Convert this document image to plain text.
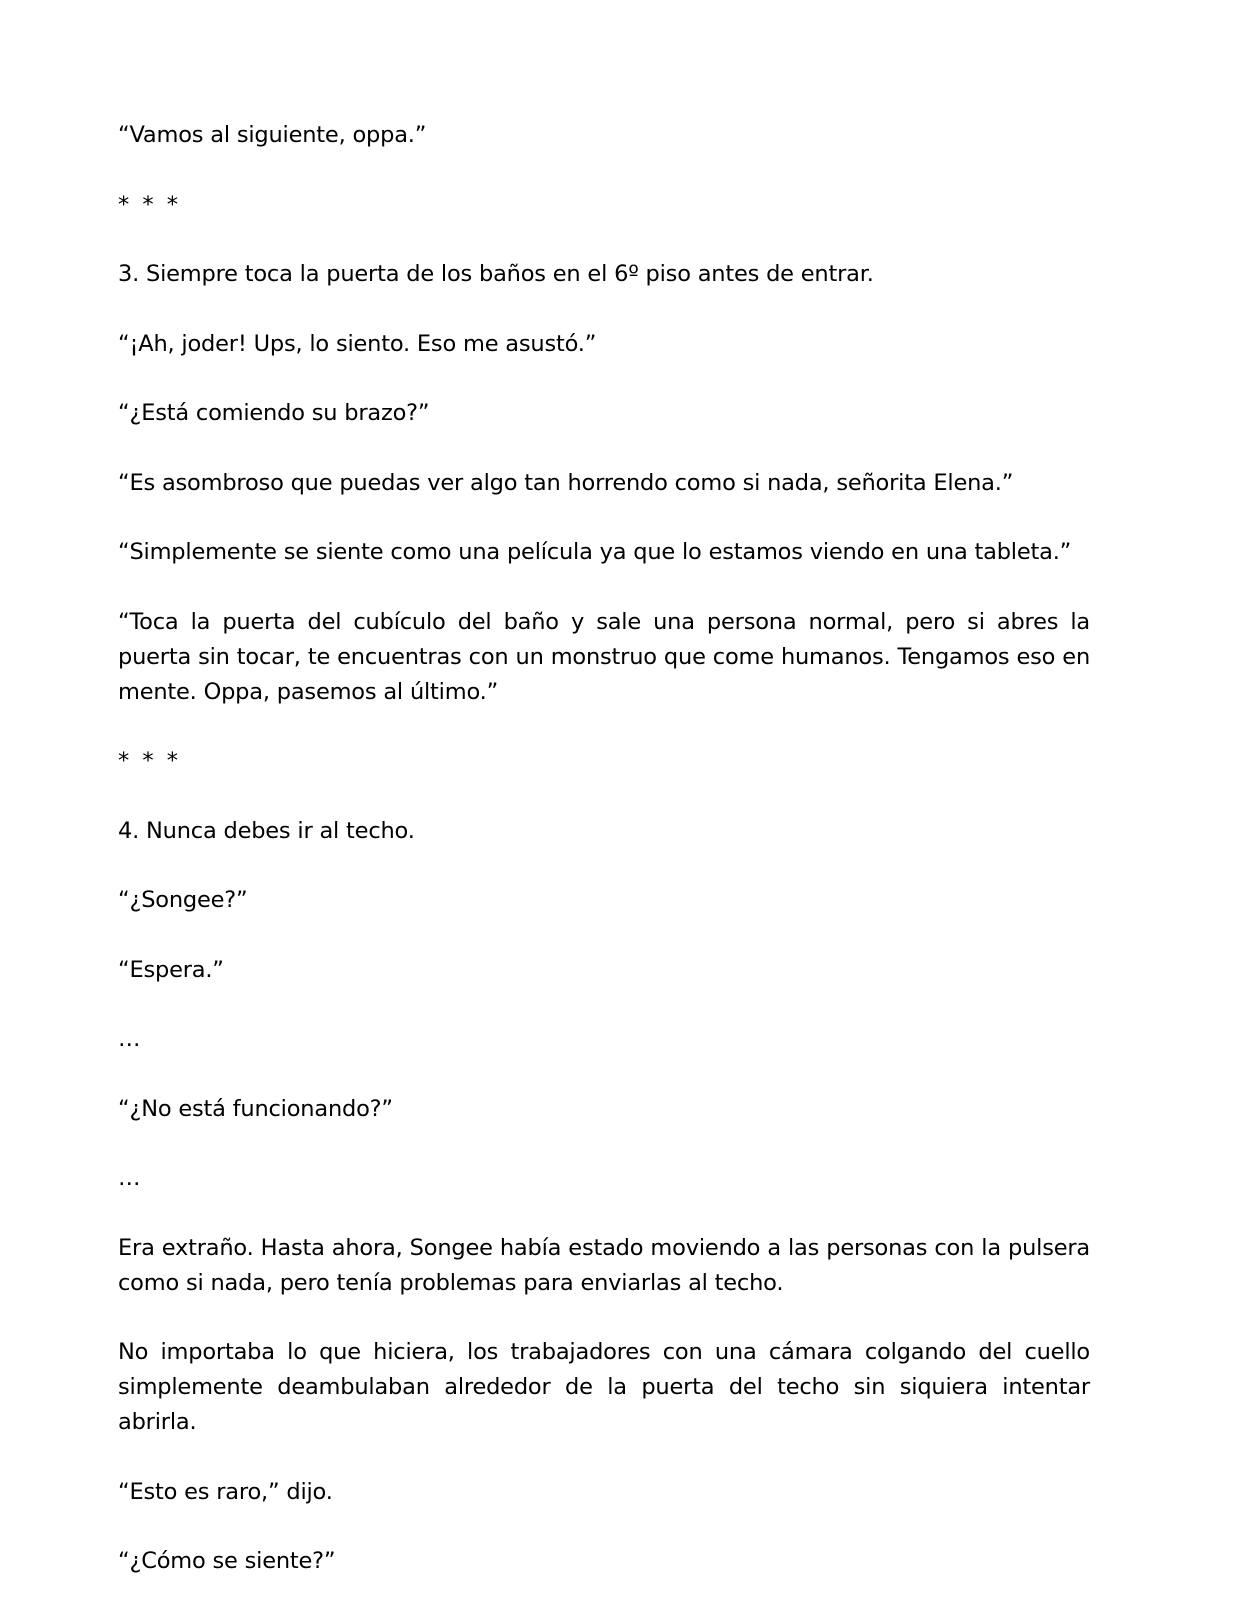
“Vamos al siguiente, oppa.”

* * *

3. Siempre toca la puerta de los baños en el 6º piso antes de entrar.

“¡Ah, joder! Ups, lo siento. Eso me asustó.”

“¿Está comiendo su brazo?”

“Es asombroso que puedas ver algo tan horrendo como si nada, señorita Elena.”

“Simplemente se siente como una película ya que lo estamos viendo en una tableta.”

“Toca la puerta del cubículo del baño y sale una persona normal, pero si abres la puerta sin tocar, te encuentras con un monstruo que come humanos. Tengamos eso en mente. Oppa, pasemos al último.”

* * *

4. Nunca debes ir al techo.

“¿Songee?”

“Espera.”

…

“¿No está funcionando?”

…

Era extraño. Hasta ahora, Songee había estado moviendo a las personas con la pulsera como si nada, pero tenía problemas para enviarlas al techo.

No importaba lo que hiciera, los trabajadores con una cámara colgando del cuello simplemente deambulaban alrededor de la puerta del techo sin siquiera intentar abrirla.

“Esto es raro,” dijo.

“¿Cómo se siente?”
